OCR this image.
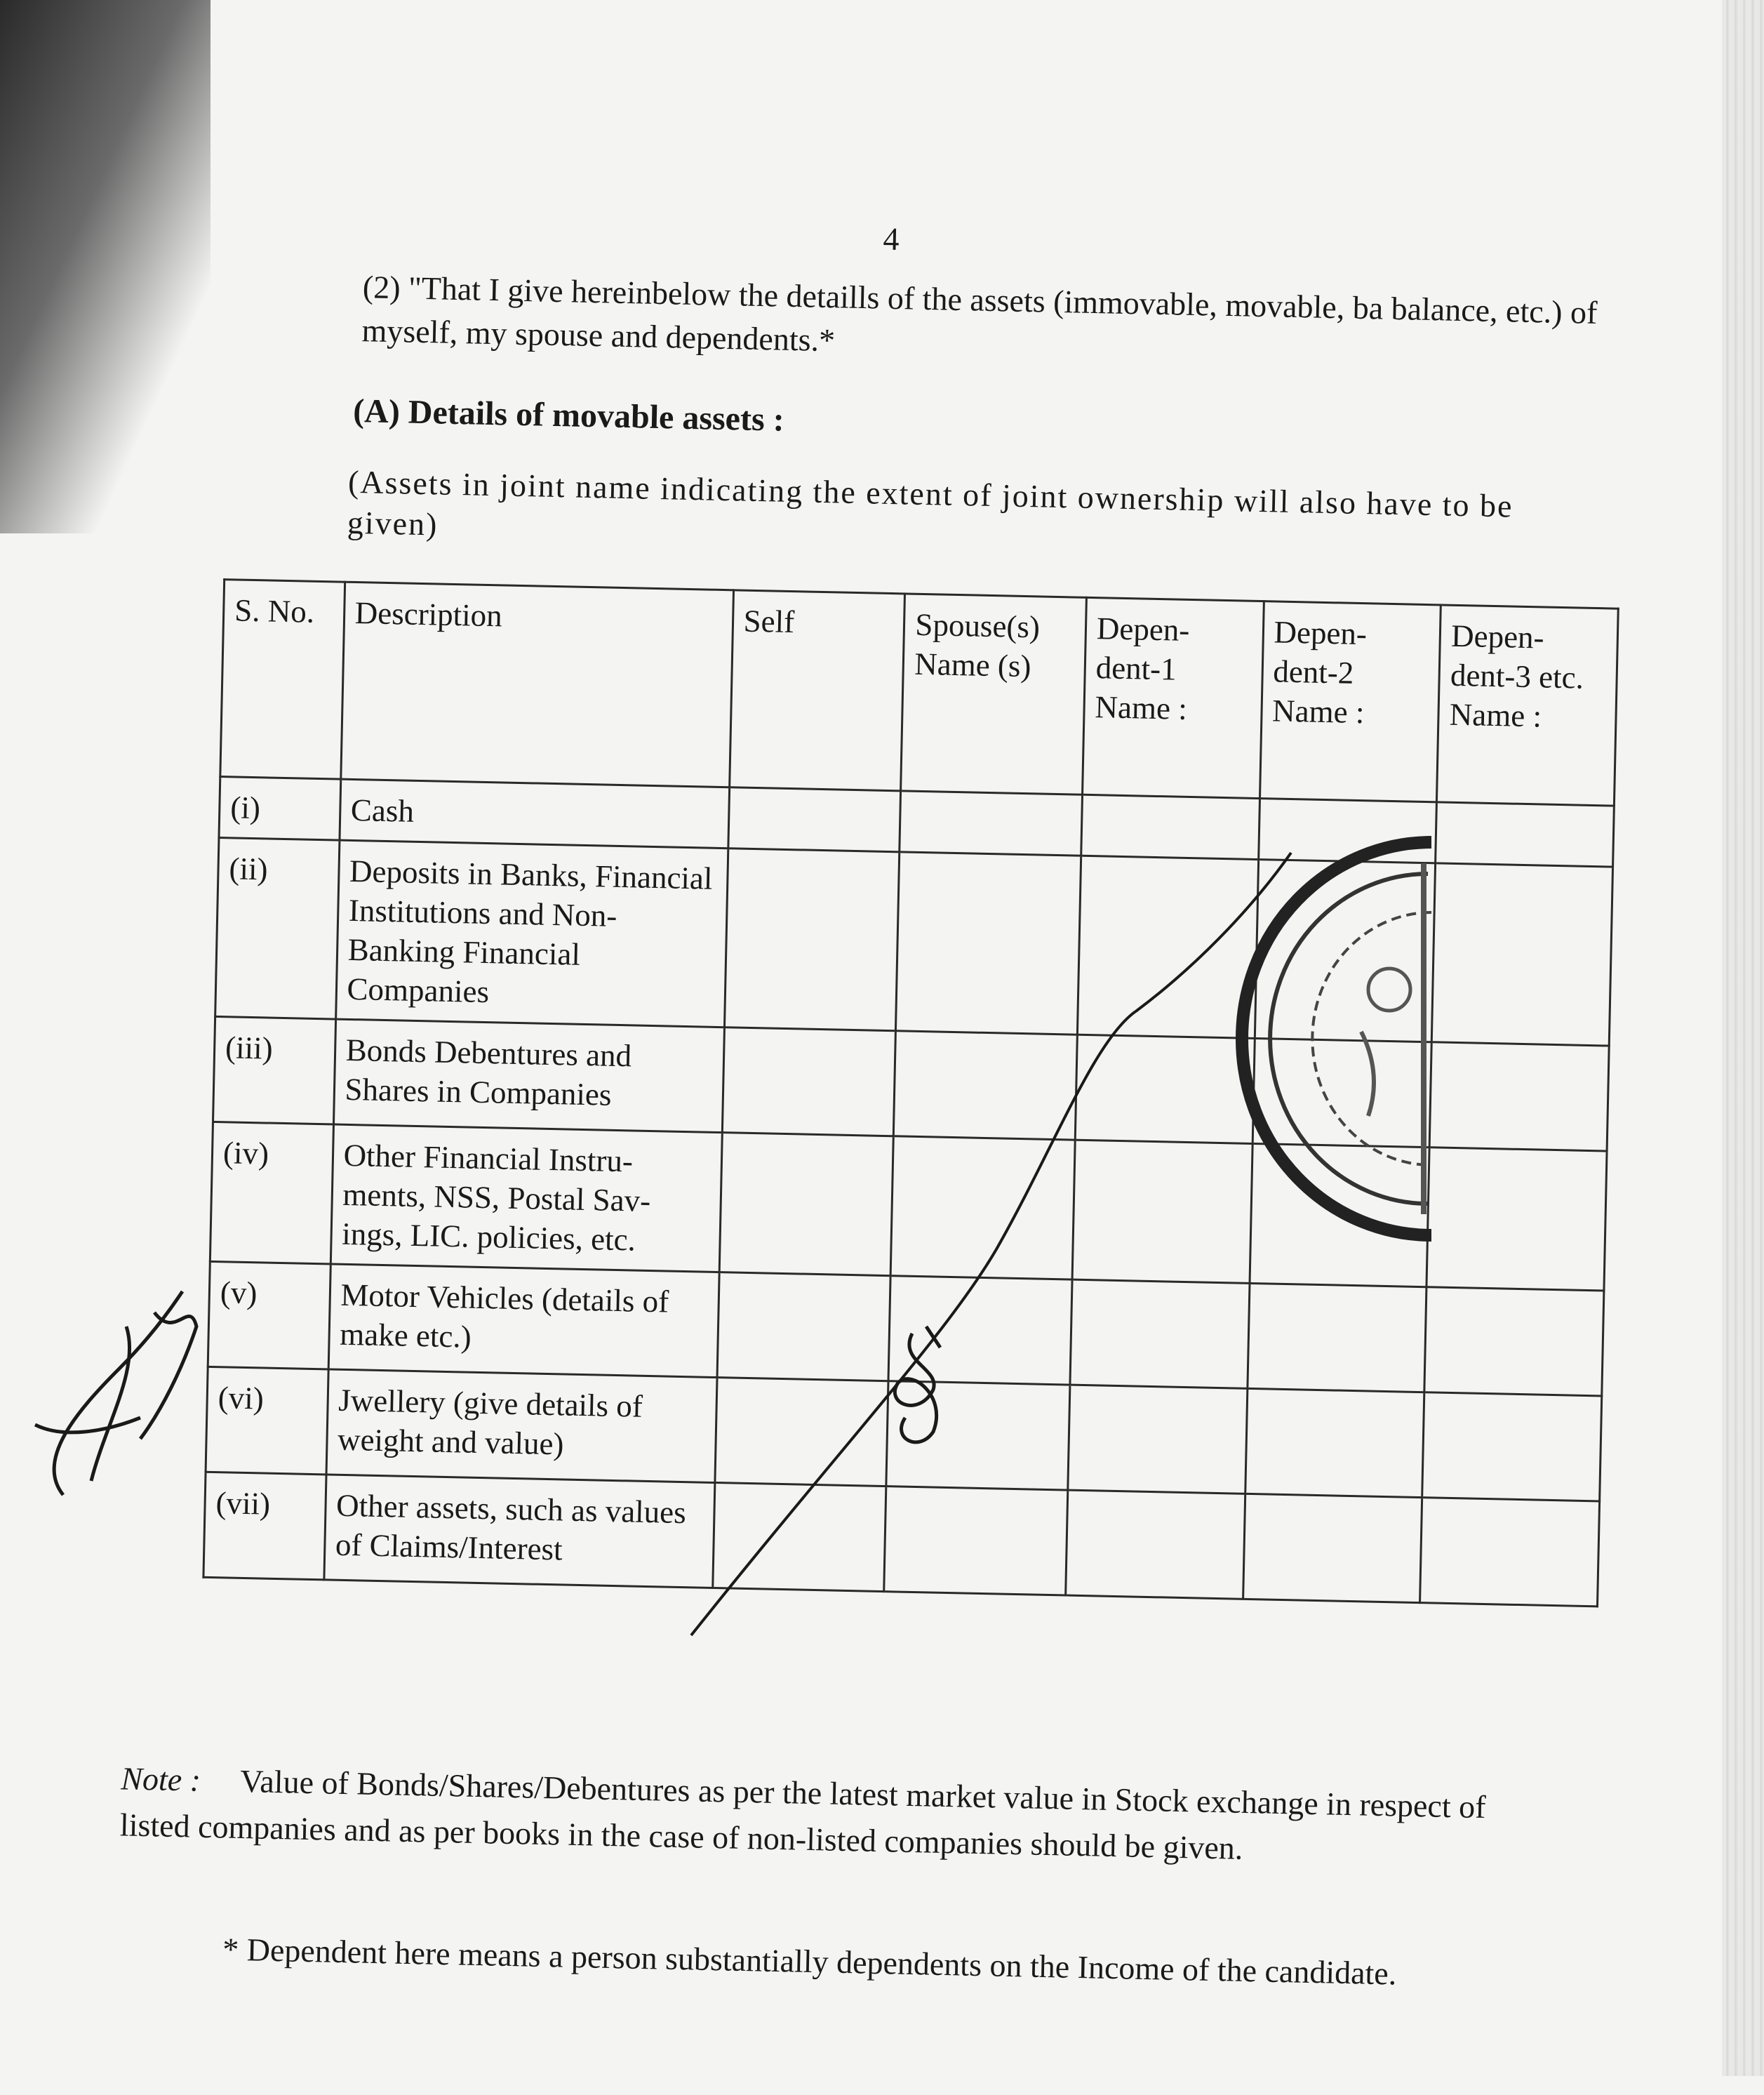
4
(2) "That I give hereinbelow the detaills of the assets (immovable, movable, ba balance, etc.) of myself, my spouse and dependents.*
(A) Details of movable assets :
(Assets in joint name indicating the extent of joint ownership will also have to be given)
S. No.	Description	Self	Spouse(s) Name (s)	Depen- dent-1 Name :	Depen- dent-2 Name :	Depen- dent-3 etc. Name :
(i)	Cash					
(ii)	Deposits in Banks, Financial Institutions and Non-Banking Financial Companies					
(iii)	Bonds Debentures and Shares in Companies					
(iv)	Other Financial Instru- ments, NSS, Postal Sav- ings, LIC. policies, etc.					
(v)	Motor Vehicles (details of make etc.)					
(vi)	Jwellery (give details of weight and value)					
(vii)	Other assets, such as values of Claims/Interest					
Note : Value of Bonds/Shares/Debentures as per the latest market value in Stock exchange in respect of listed companies and as per books in the case of non-listed companies should be given.
* Dependent here means a person substantially dependents on the Income of the candidate.
